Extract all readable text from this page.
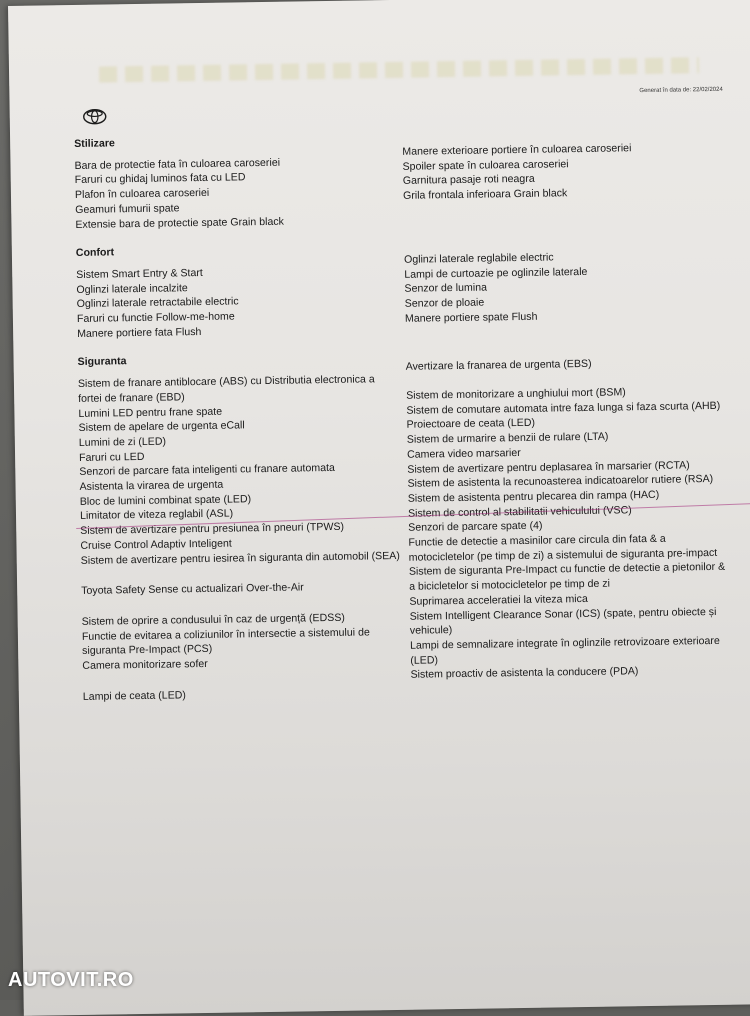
Generat în data de: 22/02/2024
Stilizare
Bara de protectie fata în culoarea caroseriei
Faruri cu ghidaj luminos fata cu LED
Plafon în culoarea caroseriei
Geamuri fumurii spate
Extensie bara de protectie spate Grain black
Confort
Sistem Smart Entry & Start
Oglinzi laterale incalzite
Oglinzi laterale retractabile electric
Faruri cu functie Follow-me-home
Manere portiere fata Flush
Siguranta
Sistem de franare antiblocare (ABS) cu Distributia electronica a
fortei de franare (EBD)
Lumini LED pentru frane spate
Sistem de apelare de urgenta eCall
Lumini de zi (LED)
Faruri cu LED
Senzori de parcare fata inteligenti cu franare automata
Asistenta la virarea de urgenta
Bloc de lumini combinat spate (LED)
Limitator de viteza reglabil (ASL)
Sistem de avertizare pentru presiunea în pneuri (TPWS)
Cruise Control Adaptiv Inteligent
Sistem de avertizare pentru iesirea în siguranta din automobil (SEA)
Toyota Safety Sense cu actualizari Over-the-Air
Sistem de oprire a condusului în caz de urgență (EDSS)
Functie de evitarea a coliziunilor în intersectie a sistemului de
siguranta Pre-Impact (PCS)
Camera monitorizare sofer
Lampi de ceata (LED)
Manere exterioare portiere în culoarea caroseriei
Spoiler spate în culoarea caroseriei
Garnitura pasaje roti neagra
Grila frontala inferioara Grain black
Oglinzi laterale reglabile electric
Lampi de curtoazie pe oglinzile laterale
Senzor de lumina
Senzor de ploaie
Manere portiere spate Flush
Avertizare la franarea de urgenta (EBS)
Sistem de monitorizare a unghiului mort (BSM)
Sistem de comutare automata intre faza lunga si faza scurta (AHB)
Proiectoare de ceata (LED)
Sistem de urmarire a benzii de rulare (LTA)
Camera video marsarier
Sistem de avertizare pentru deplasarea în marsarier (RCTA)
Sistem de asistenta la recunoasterea indicatoarelor rutiere (RSA)
Sistem de asistenta pentru plecarea din rampa (HAC)
Sistem de control al stabilitatii vehiculului (VSC)
Senzori de parcare spate (4)
Functie de detectie a masinilor care circula din fata & a
motocicletelor (pe timp de zi) a sistemului de siguranta pre-impact
Sistem de siguranta Pre-Impact cu functie de detectie a pietonilor &
a bicicletelor si motocicletelor pe timp de zi
Suprimarea acceleratiei la viteza mica
Sistem Intelligent Clearance Sonar (ICS) (spate, pentru obiecte și
vehicule)
Lampi de semnalizare integrate în oglinzile retrovizoare exterioare
(LED)
Sistem proactiv de asistenta la conducere (PDA)
AUTOVIT.RO
